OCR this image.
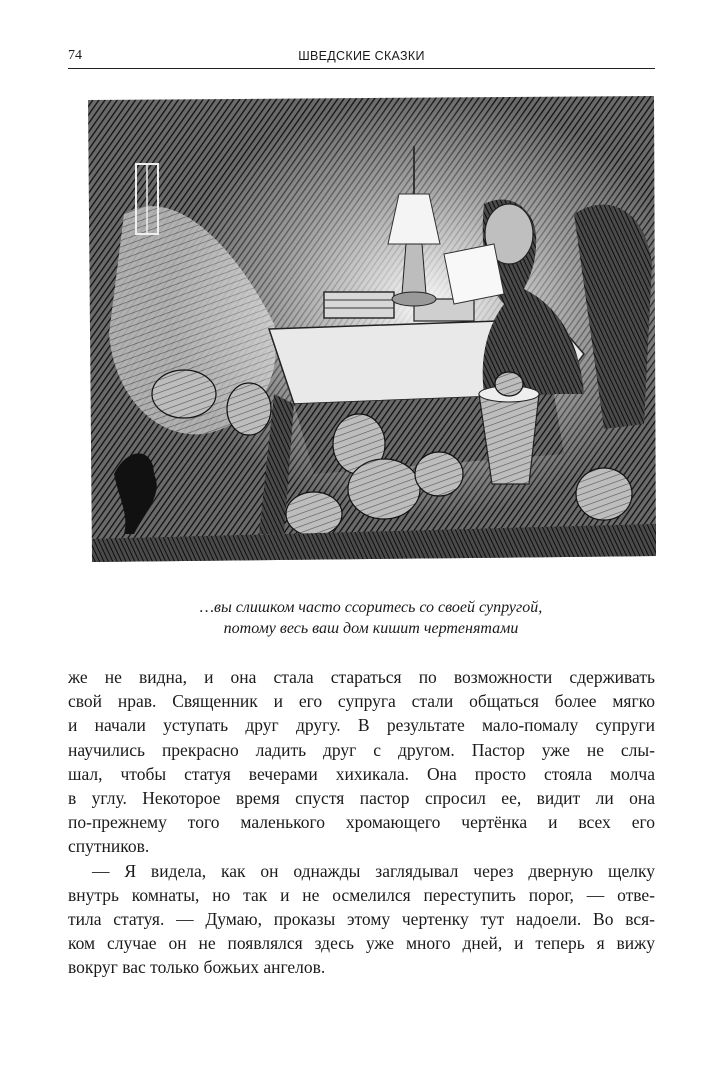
74	ШВЕДСКИЕ СКАЗКИ
…вы слишком часто ссоритесь со своей супругой,
потому весь ваш дом кишит чертенятами
же не видна, и она стала стараться по возможности сдерживать
свой нрав. Священник и его супруга стали общаться более мягко
и начали уступать друг другу. В результате мало-помалу супруги
научились прекрасно ладить друг с другом. Пастор уже не слы-
шал, чтобы статуя вечерами хихикала. Она просто стояла молча
в углу. Некоторое время спустя пастор спросил ее, видит ли она
по-прежнему того маленького хромающего чертёнка и всех его
спутников.
— Я видела, как он однажды заглядывал через дверную щелку
внутрь комнаты, но так и не осмелился переступить порог, — отве-
тила статуя. — Думаю, проказы этому чертенку тут надоели. Во вся-
ком случае он не появлялся здесь уже много дней, и теперь я вижу
вокруг вас только божьих ангелов.
